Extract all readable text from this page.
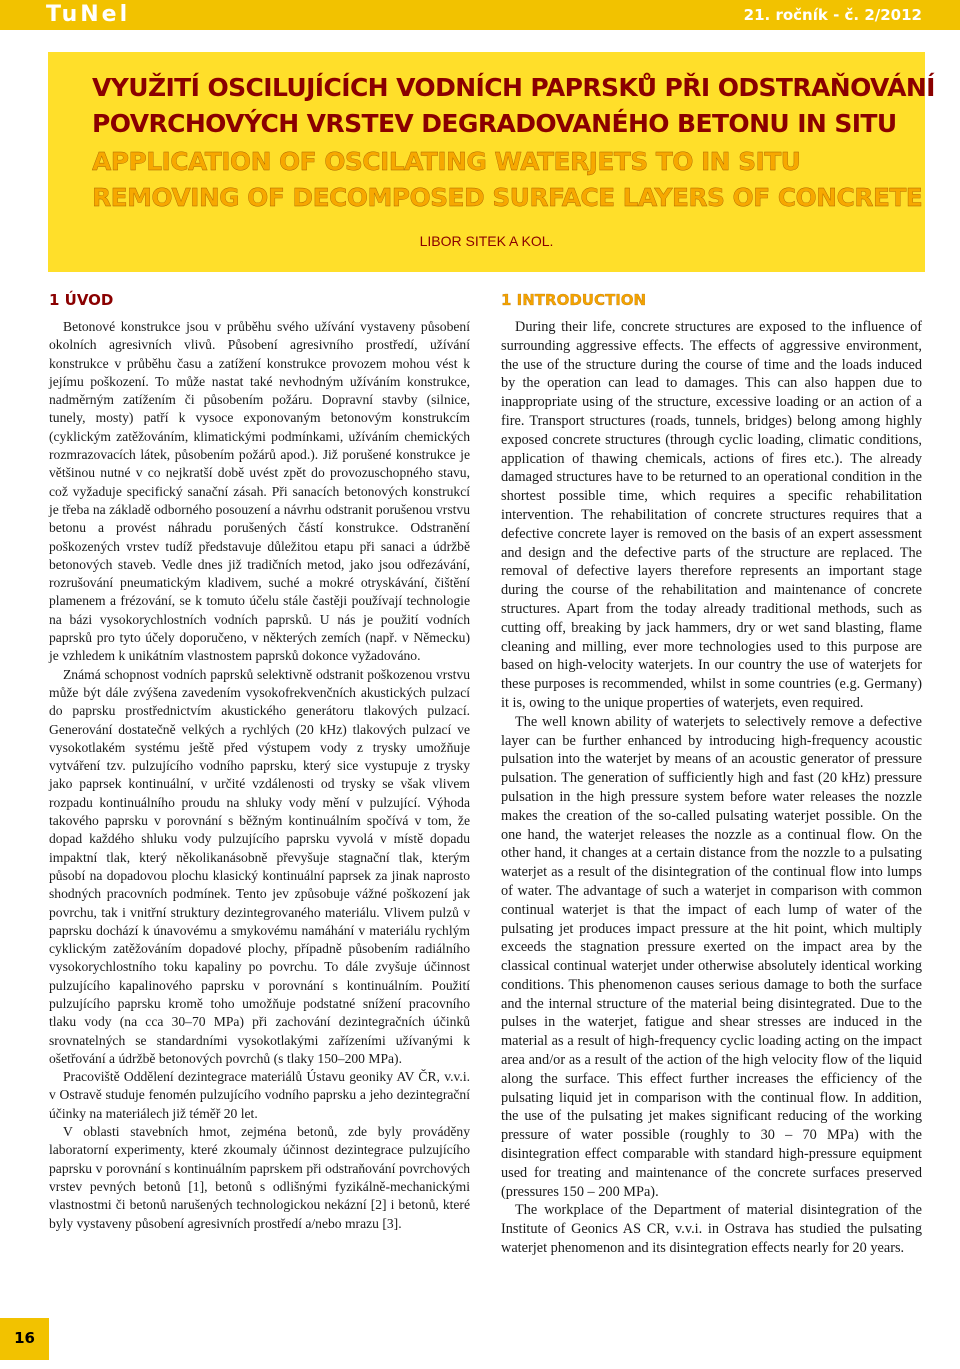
TuNel	21. ročník - č. 2/2012
VYUŽITÍ OSCILUJÍCÍCH VODNÍCH PAPRSKŮ PŘI ODSTRAŇOVÁNÍ
POVRCHOVÝCH VRSTEV DEGRADOVANÉHO BETONU IN SITU
APPLICATION OF OSCILATING WATERJETS TO IN SITU
REMOVING OF DECOMPOSED SURFACE LAYERS OF CONCRETE
LIBOR SITEK A KOL.
1 ÚVOD

Betonové konstrukce jsou v průběhu svého užívání vystaveny působení okolních agresivních vlivů. Působení agresivního prostředí, užívání konstrukce v průběhu času a zatížení konstrukce provozem mohou vést k jejímu poškození. To může nastat také nevhodným užíváním konstrukce, nadměrným zatížením či působením požáru. Dopravní stavby (silnice, tunely, mosty) patří k vysoce exponovaným betonovým konstrukcím (cyklickým zatěžováním, klimatickými podmínkami, užíváním chemických rozmrazovacích látek, působením požárů apod.). Již porušené konstrukce je většinou nutné v co nejkratší době uvést zpět do provozuschopného stavu, což vyžaduje specifický sanační zásah. Při sanacích betonových konstrukcí je třeba na základě odborného posouzení a návrhu odstranit porušenou vrstvu betonu a provést náhradu porušených částí konstrukce. Odstranění poškozených vrstev tudíž představuje důležitou etapu při sanaci a údržbě betonových staveb. Vedle dnes již tradičních metod, jako jsou odřezávání, rozrušování pneumatickým kladivem, suché a mokré otryskávání, čištění plamenem a frézování, se k tomuto účelu stále častěji používají technologie na bázi vysokorychlostních vodních paprsků. U nás je použití vodních paprsků pro tyto účely doporučeno, v některých zemích (např. v Německu) je vzhledem k unikátním vlastnostem paprsků dokonce vyžadováno.

Známá schopnost vodních paprsků selektivně odstranit poškozenou vrstvu může být dále zvýšena zavedením vysokofrekvenčních akustických pulzací do paprsku prostřednictvím akustického generátoru tlakových pulzací. Generování dostatečně velkých a rychlých (20 kHz) tlakových pulzací ve vysokotlakém systému ještě před výstupem vody z trysky umožňuje vytváření tzv. pulzujícího vodního paprsku, který sice vystupuje z trysky jako paprsek kontinuální, v určité vzdálenosti od trysky se však vlivem rozpadu kontinuálního proudu na shluky vody mění v pulzující. Výhoda takového paprsku v porovnání s běžným kontinuálním spočívá v tom, že dopad každého shluku vody pulzujícího paprsku vyvolá v místě dopadu impaktní tlak, který několikanásobně převyšuje stagnační tlak, kterým působí na dopadovou plochu klasický kontinuální paprsek za jinak naprosto shodných pracovních podmínek. Tento jev způsobuje vážné poškození jak povrchu, tak i vnitřní struktury dezintegrovaného materiálu. Vlivem pulzů v paprsku dochází k únavovému a smykovému namáhání v materiálu rychlým cyklickým zatěžováním dopadové plochy, případně působením radiálního vysokorychlostního toku kapaliny po povrchu. To dále zvyšuje účinnost pulzujícího kapalinového paprsku v porovnání s kontinuálním. Použití pulzujícího paprsku kromě toho umožňuje podstatné snížení pracovního tlaku vody (na cca 30–70 MPa) při zachování dezintegračních účinků srovnatelných se standardními vysokotlakými zařízeními užívanými k ošetřování a údržbě betonových povrchů (s tlaky 150–200 MPa).

Pracoviště Oddělení dezintegrace materiálů Ústavu geoniky AV ČR, v.v.i. v Ostravě studuje fenomén pulzujícího vodního paprsku a jeho dezintegrační účinky na materiálech již téměř 20 let.

V oblasti stavebních hmot, zejména betonů, zde byly prováděny laboratorní experimenty, které zkoumaly účinnost dezintegrace pulzujícího paprsku v porovnání s kontinuálním paprskem při odstraňování povrchových vrstev pevných betonů [1], betonů s odlišnými fyzikálně-mechanickými vlastnostmi či betonů narušených technologickou nekázní [2] i betonů, které byly vystaveny působení agresivních prostředí a/nebo mrazu [3].

1 INTRODUCTION

During their life, concrete structures are exposed to the influence of surrounding aggressive effects. The effects of aggressive environment, the use of the structure during the course of time and the loads induced by the operation can lead to damages. This can also happen due to inappropriate using of the structure, excessive loading or an action of a fire. Transport structures (roads, tunnels, bridges) belong among highly exposed concrete structures (through cyclic loading, climatic conditions, application of thawing chemicals, actions of fires etc.). The already damaged structures have to be returned to an operational condition in the shortest possible time, which requires a specific rehabilitation intervention. The rehabilitation of concrete structures requires that a defective concrete layer is removed on the basis of an expert assessment and design and the defective parts of the structure are replaced. The removal of defective layers therefore represents an important stage during the course of the rehabilitation and maintenance of concrete structures. Apart from the today already traditional methods, such as cutting off, breaking by jack hammers, dry or wet sand blasting, flame cleaning and milling, ever more technologies used to this purpose are based on high-velocity waterjets. In our country the use of waterjets for these purposes is recommended, whilst in some countries (e.g. Germany) it is, owing to the unique properties of waterjets, even required.

The well known ability of waterjets to selectively remove a defective layer can be further enhanced by introducing high-frequency acoustic pulsation into the waterjet by means of an acoustic generator of pressure pulsation. The generation of sufficiently high and fast (20 kHz) pressure pulsation in the high pressure system before water releases the nozzle makes the creation of the so-called pulsating waterjet possible. On the one hand, the waterjet releases the nozzle as a continual flow. On the other hand, it changes at a certain distance from the nozzle to a pulsating waterjet as a result of the disintegration of the continual flow into lumps of water. The advantage of such a waterjet in comparison with common continual waterjet is that the impact of each lump of water of the pulsating jet produces impact pressure at the hit point, which multiply exceeds the stagnation pressure exerted on the impact area by the classical continual waterjet under otherwise absolutely identical working conditions. This phenomenon causes serious damage to both the surface and the internal structure of the material being disintegrated. Due to the pulses in the waterjet, fatigue and shear stresses are induced in the material as a result of high-frequency cyclic loading acting on the impact area and/or as a result of the action of the high velocity flow of the liquid along the surface. This effect further increases the efficiency of the pulsating liquid jet in comparison with the continual flow. In addition, the use of the pulsating jet makes significant reducing of the working pressure of water possible (roughly to 30 – 70 MPa) with the disintegration effect comparable with standard high-pressure equipment used for treating and maintenance of the concrete surfaces preserved (pressures 150 – 200 MPa).

The workplace of the Department of material disintegration of the Institute of Geonics AS CR, v.v.i. in Ostrava has studied the pulsating waterjet phenomenon and its disintegration effects nearly for 20 years.

16
